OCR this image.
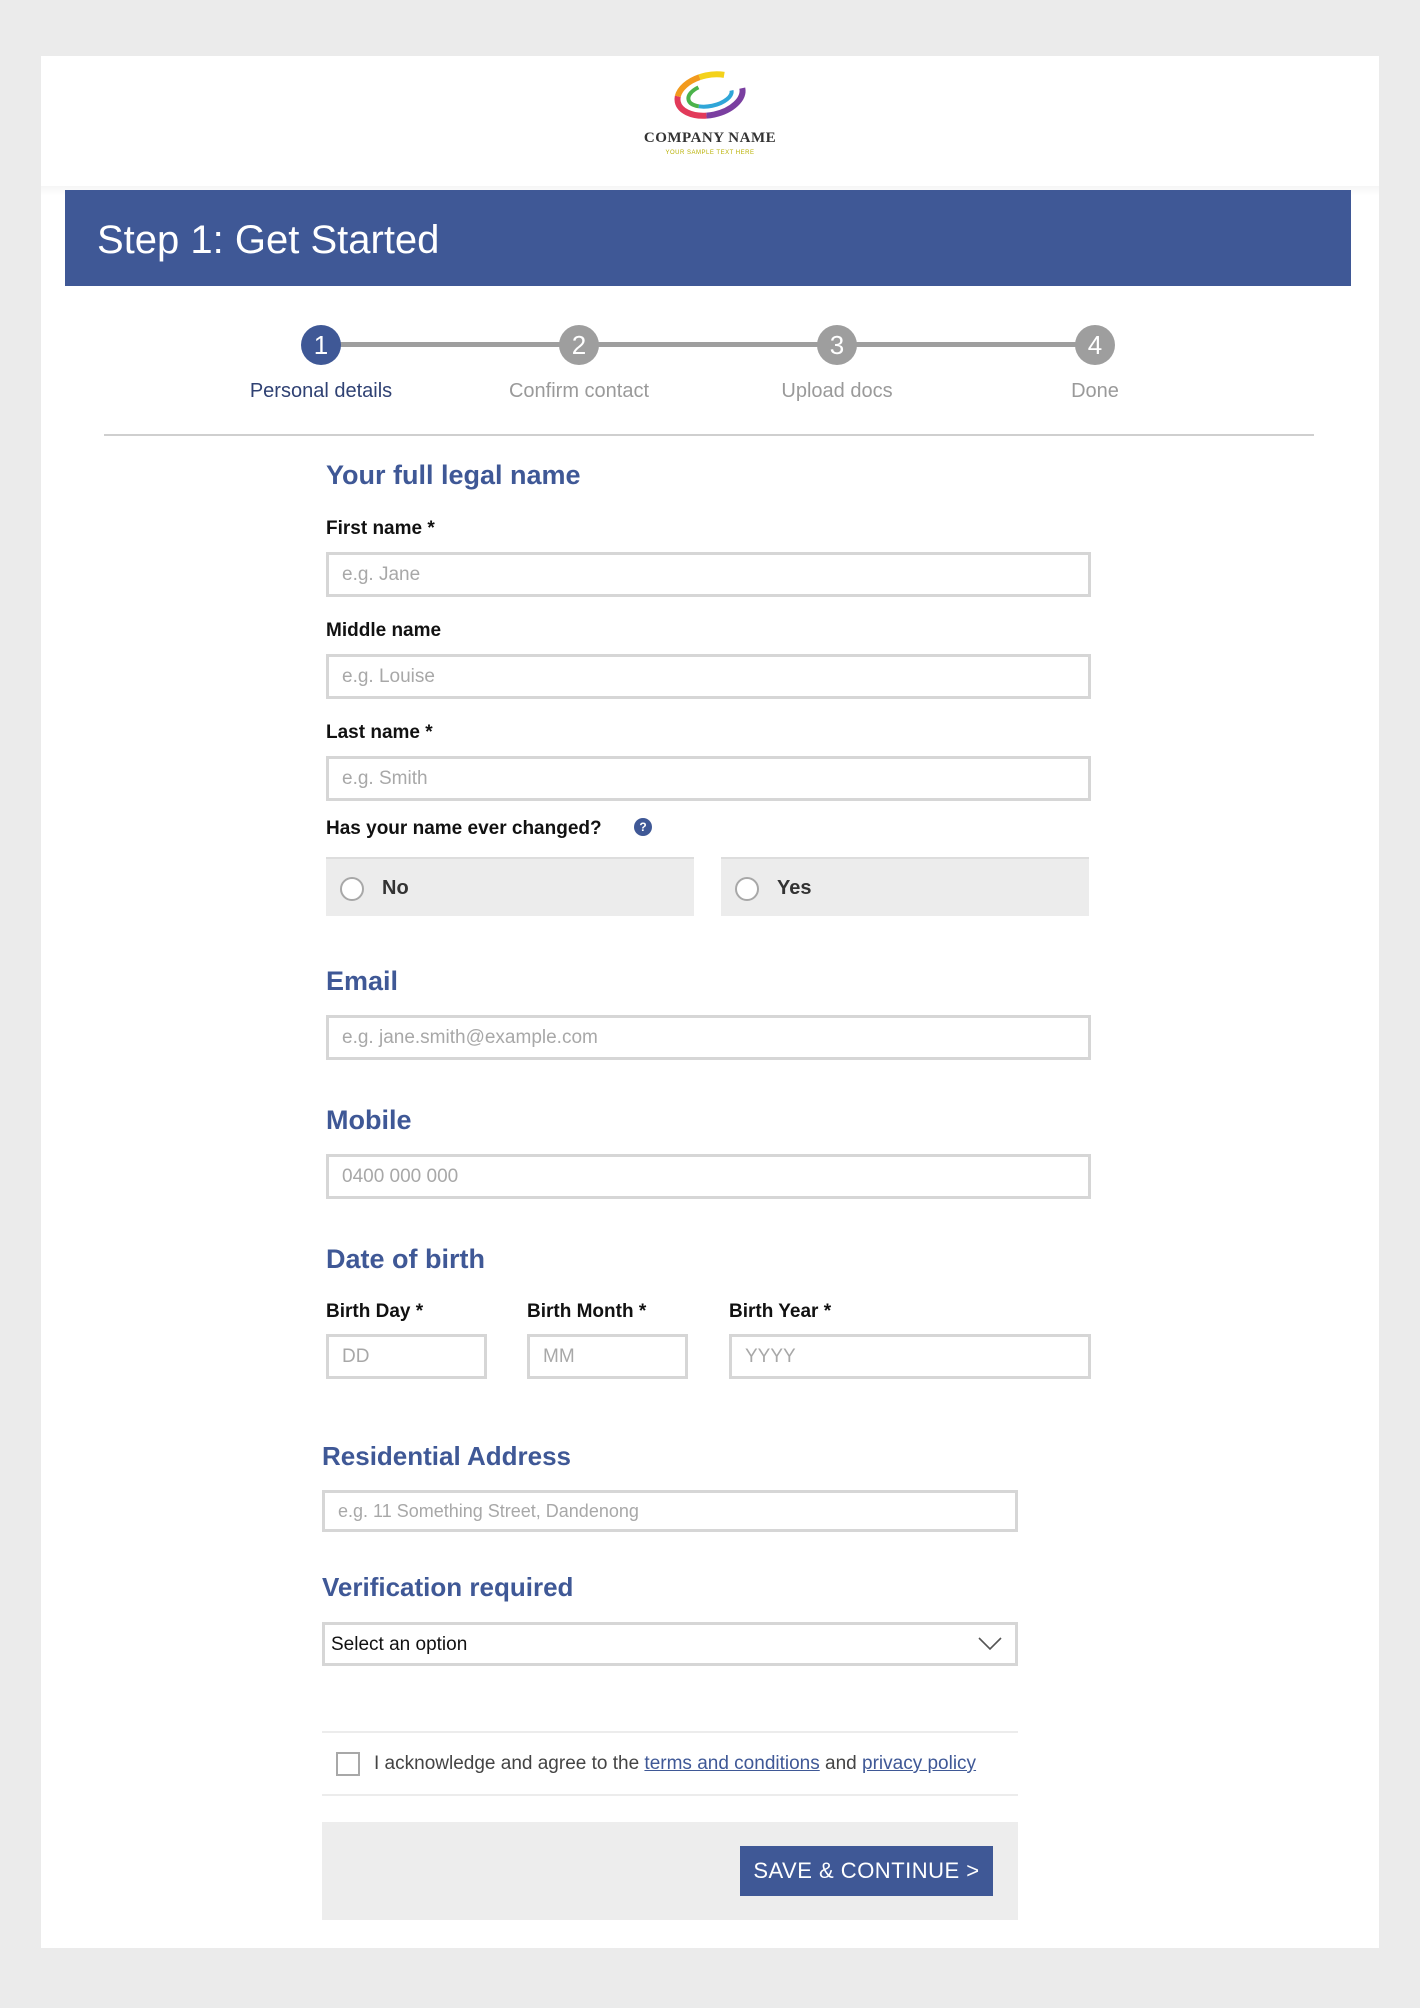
COMPANY NAME
YOUR SAMPLE TEXT HERE
Step 1: Get Started
1	2	3	4
Personal details	Confirm contact	Upload docs	Done
Your full legal name
First name *
e.g. Jane
Middle name
e.g. Louise
Last name *
e.g. Smith
Has your name ever changed?	?
No	Yes
Email
e.g. jane.smith@example.com
Mobile
0400 000 000
Date of birth
Birth Day *	Birth Month *	Birth Year *
DD
MM
YYYY
Residential Address
e.g. 11 Something Street, Dandenong
Verification required
Select an option
I acknowledge and agree to the terms and conditions and privacy policy
SAVE & CONTINUE >
